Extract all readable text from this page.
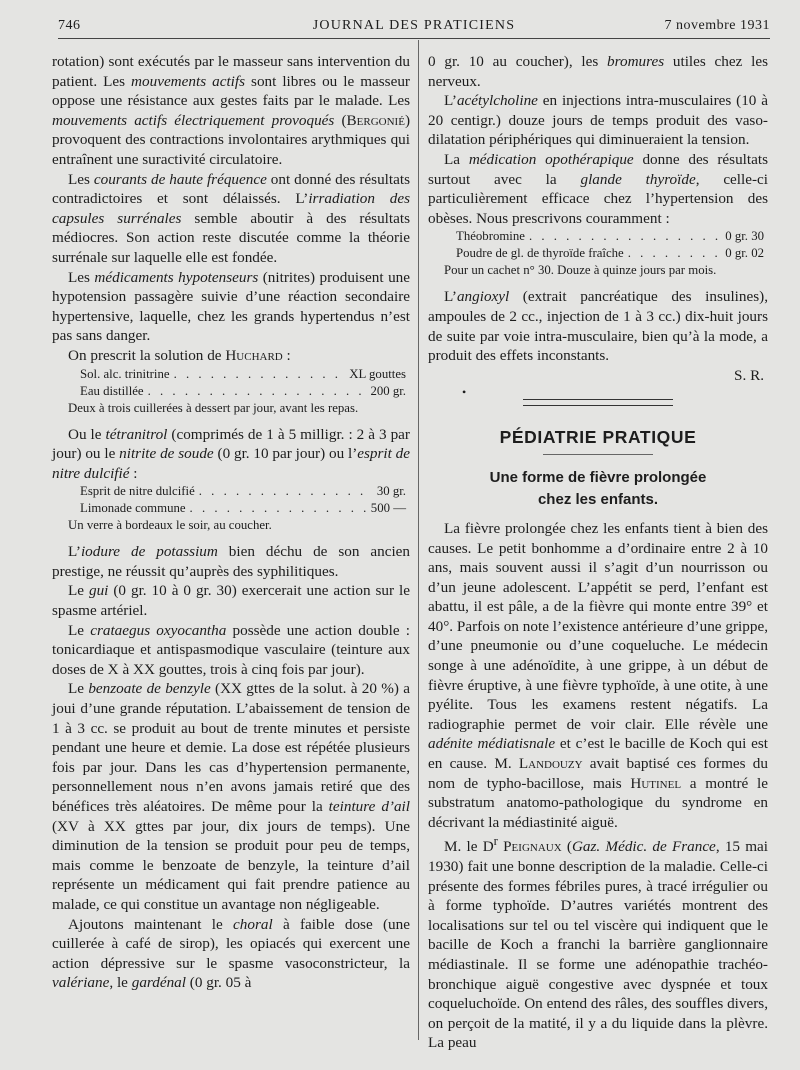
746	JOURNAL DES PRATICIENS	7 novembre 1931

rotation) sont exécutés par le masseur sans intervention du patient. Les mouvements actifs sont libres ou le masseur oppose une résistance aux gestes faits par le malade. Les mouvements actifs électriquement provoqués (Bergonié) provoquent des contractions involontaires arythmiques qui entraînent une suractivité circulatoire.

Les courants de haute fréquence ont donné des résultats contradictoires et sont délaissés. L’irradiation des capsules surrénales semble aboutir à des résultats médiocres. Son action reste discutée comme la théorie surrénale sur laquelle elle est fondée.

Les médicaments hypotenseurs (nitrites) produisent une hypotension passagère suivie d’une réaction secondaire hypertensive, laquelle, chez les grands hypertendus n’est pas sans danger.

On prescrit la solution de Huchard :

Sol. alc. trinitrine . . .	XL gouttes
Eau distillée . . .	200 gr.

Deux à trois cuillerées à dessert par jour, avant les repas.

Ou le tétranitrol (comprimés de 1 à 5 milligr. : 2 à 3 par jour) ou le nitrite de soude (0 gr. 10 par jour) ou l’esprit de nitre dulcifié :

Esprit de nitre dulcifié . . .	30 gr.
Limonade commune . . .	500 —

Un verre à bordeaux le soir, au coucher.

L’iodure de potassium bien déchu de son ancien prestige, ne réussit qu’auprès des syphilitiques.

Le gui (0 gr. 10 à 0 gr. 30) exercerait une action sur le spasme artériel.

Le crataegus oxyocantha possède une action double : tonicardiaque et antispasmodique vasculaire (teinture aux doses de X à XX gouttes, trois à cinq fois par jour).

Le benzoate de benzyle (XX gttes de la solut. à 20 %) a joui d’une grande réputation. L’abaissement de tension de 1 à 3 cc. se produit au bout de trente minutes et persiste pendant une heure et demie. La dose est répétée plusieurs fois par jour. Dans les cas d’hypertension permanente, personnellement nous n’en avons jamais retiré que des bénéfices très aléatoires. De même pour la teinture d’ail (XV à XX gttes par jour, dix jours de temps). Une diminution de la tension se produit pour peu de temps, mais comme le benzoate de benzyle, la teinture d’ail représente un médicament qui fait prendre patience au malade, ce qui constitue un avantage non négligeable.

Ajoutons maintenant le choral à faible dose (une cuillerée à café de sirop), les opiacés qui exercent une action dépressive sur le spasme vasoconstricteur, la valériane, le gardénal (0 gr. 05 à

0 gr. 10 au coucher), les bromures utiles chez les nerveux.

L’acétylcholine en injections intra-musculaires (10 à 20 centigr.) douze jours de temps produit des vaso-dilatation périphériques qui diminueraient la tension.

La médication opothérapique donne des résultats surtout avec la glande thyroïde, celle-ci particulièrement efficace chez l’hypertension des obèses. Nous prescrivons couramment :

Théobromine . . .	0 gr. 30
Poudre de gl. de thyroïde fraîche . . .	0 gr. 02

Pour un cachet n° 30. Douze à quinze jours par mois.

L’angioxyl (extrait pancréatique des insulines), ampoules de 2 cc., injection de 1 à 3 cc.) dix-huit jours de suite par voie intra-musculaire, bien qu’à la mode, a produit des effets inconstants.

S. R.

•

PÉDIATRIE PRATIQUE
Une forme de fièvre prolongée
chez les enfants.

La fièvre prolongée chez les enfants tient à bien des causes. Le petit bonhomme a d’ordinaire entre 2 à 10 ans, mais souvent aussi il s’agit d’un nourrisson ou d’un jeune adolescent. L’appétit se perd, l’enfant est abattu, il est pâle, a de la fièvre qui monte entre 39° et 40°. Parfois on note l’existence antérieure d’une grippe, d’une pneumonie ou d’une coqueluche. Le médecin songe à une adénoïdite, à une grippe, à un début de fièvre éruptive, à une fièvre typhoïde, à une otite, à une pyélite. Tous les examens restent négatifs. La radiographie permet de voir clair. Elle révèle une adénite médiatisnale et c’est le bacille de Koch qui est en cause. M. Landouzy avait baptisé ces formes du nom de typho-bacillose, mais Hutinel a montré le substratum anatomo-pathologique du syndrome en décrivant la médiastinité aiguë.

M. le $D^r$ Peignaux (Gaz. Médic. de France, 15 mai 1930) fait une bonne description de la maladie. Celle-ci présente des formes fébriles pures, à tracé irrégulier ou à forme typhoïde. D’autres variétés montrent des localisations sur tel ou tel viscère qui indiquent que le bacille de Koch a franchi la barrière ganglionnaire médiastinale. Il se forme une adénopathie trachéo-bronchique aiguë congestive avec dyspnée et toux coqueluchoïde. On entend des râles, des souffles divers, on perçoit de la matité, il y a du liquide dans la plèvre. La peau
